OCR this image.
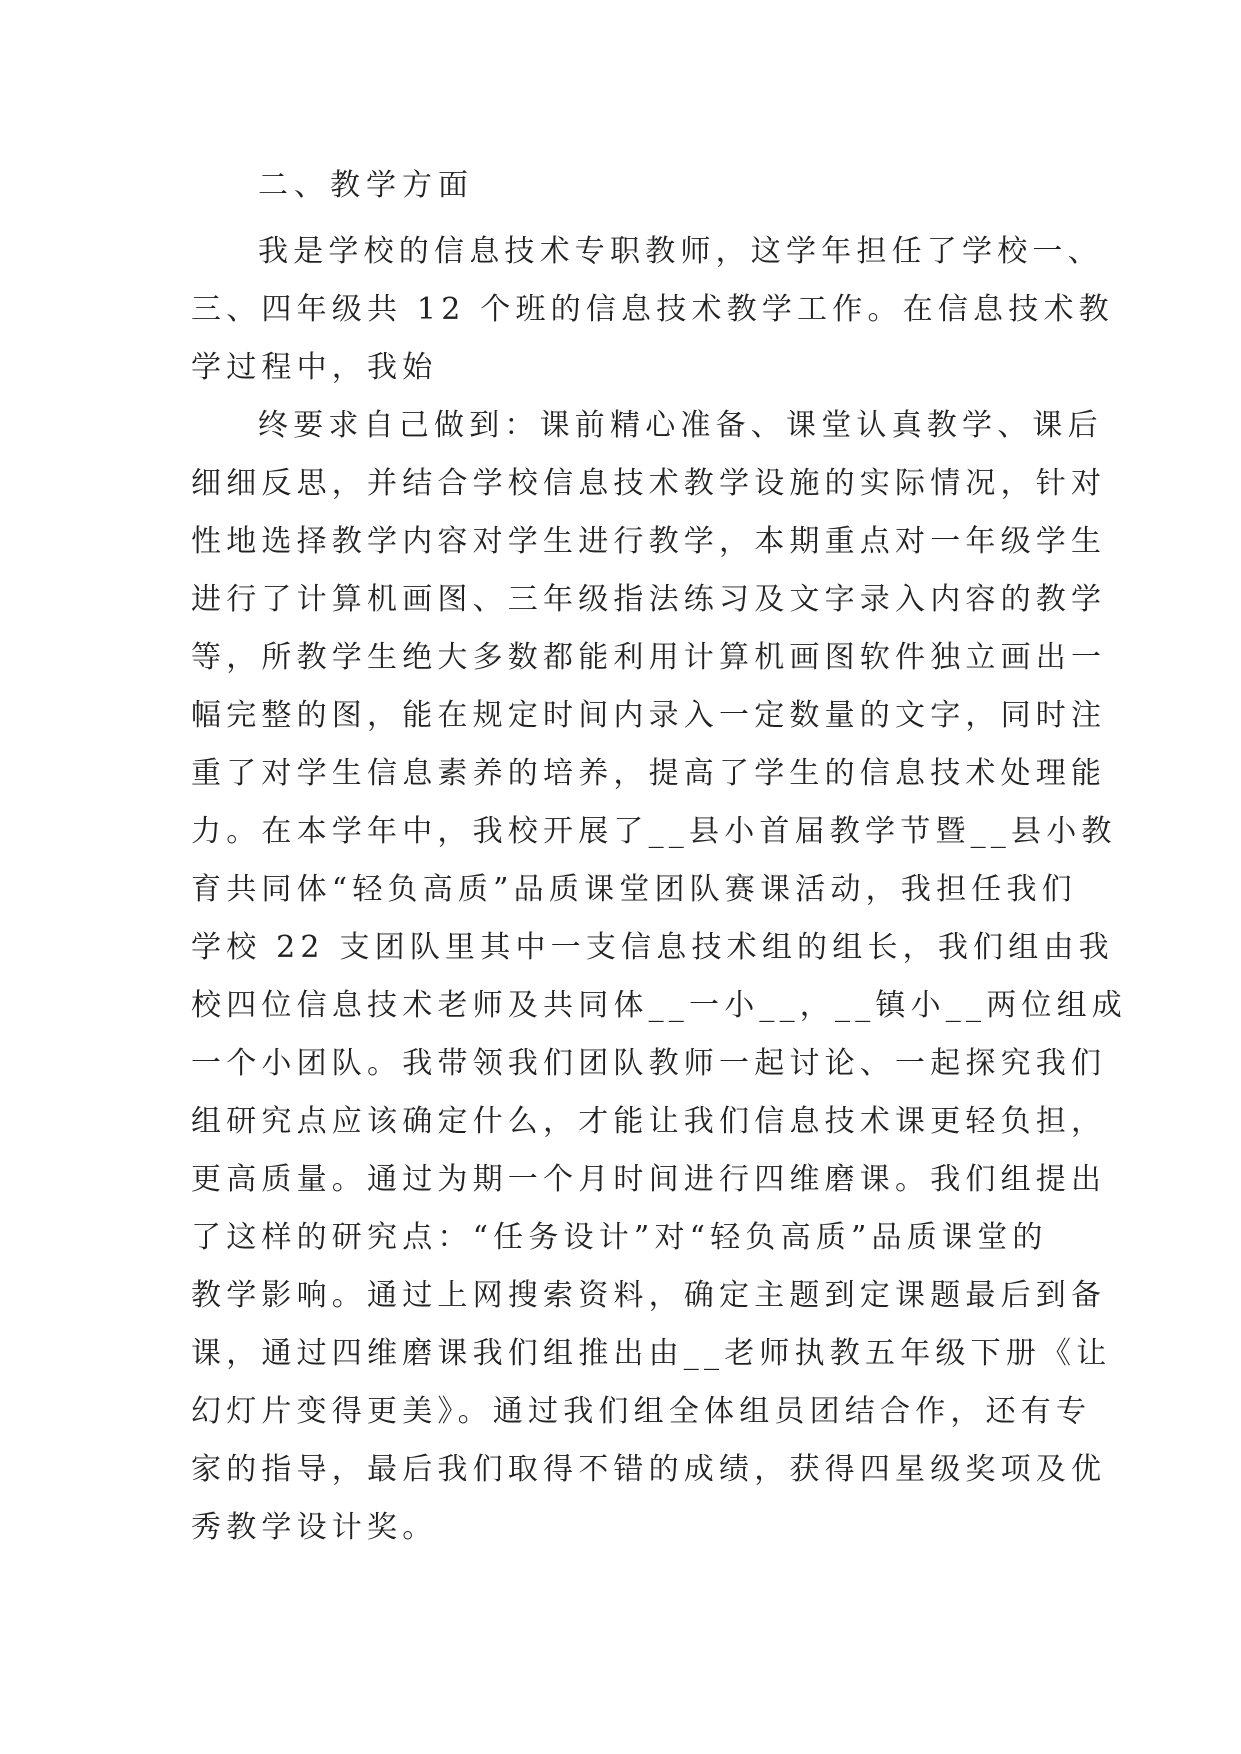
二、教学方面

我是学校的信息技术专职教师，这学年担任了学校一、

三、四年级共 12 个班的信息技术教学工作。在信息技术教

学过程中，我始

终要求自己做到：课前精心准备、课堂认真教学、课后

细细反思，并结合学校信息技术教学设施的实际情况，针对

性地选择教学内容对学生进行教学，本期重点对一年级学生

进行了计算机画图、三年级指法练习及文字录入内容的教学

等，所教学生绝大多数都能利用计算机画图软件独立画出一

幅完整的图，能在规定时间内录入一定数量的文字，同时注

重了对学生信息素养的培养，提高了学生的信息技术处理能

力。在本学年中，我校开展了__县小首届教学节暨__县小教

育共同体“轻负高质”品质课堂团队赛课活动，我担任我们

学校 22 支团队里其中一支信息技术组的组长，我们组由我

校四位信息技术老师及共同体__一小__，__镇小__两位组成

一个小团队。我带领我们团队教师一起讨论、一起探究我们

组研究点应该确定什么，才能让我们信息技术课更轻负担，

更高质量。通过为期一个月时间进行四维磨课。我们组提出

了这样的研究点：“任务设计”对“轻负高质”品质课堂的

教学影响。通过上网搜索资料，确定主题到定课题最后到备

课，通过四维磨课我们组推出由__老师执教五年级下册《让

幻灯片变得更美》。通过我们组全体组员团结合作，还有专

家的指导，最后我们取得不错的成绩，获得四星级奖项及优

秀教学设计奖。
